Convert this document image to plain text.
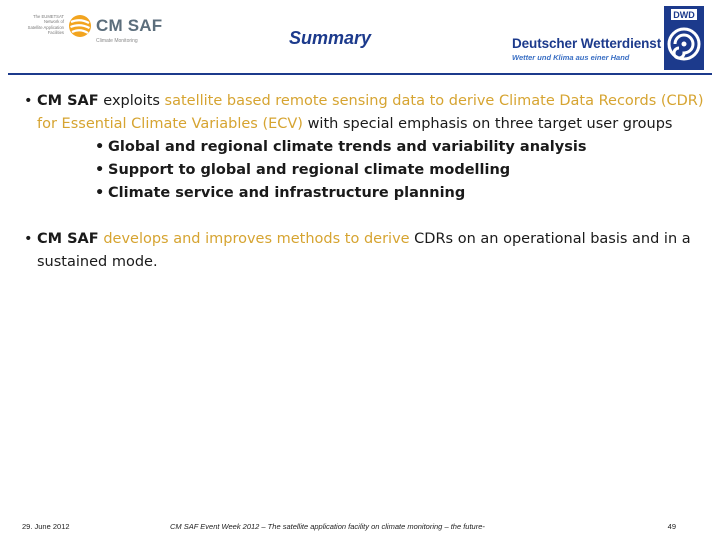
The EUMETSAT
Network of
Satellite Application
Facilities CM SAF
Climate Monitoring	Summary	Deutscher Wetterdienst
Wetter und Klima aus einer Hand
DWD
• CM SAF exploits satellite based remote sensing data to derive Climate Data Records (CDR) for Essential Climate Variables (ECV) with special emphasis on three target user groups
• Global and regional climate trends and variability analysis
• Support to global and regional climate modelling
• Climate service and infrastructure planning
• CM SAF develops and improves methods to derive CDRs on an operational basis and in a sustained mode.
29. June 2012	CM SAF Event Week 2012 – The satellite application facility on climate monitoring – the future-	49
